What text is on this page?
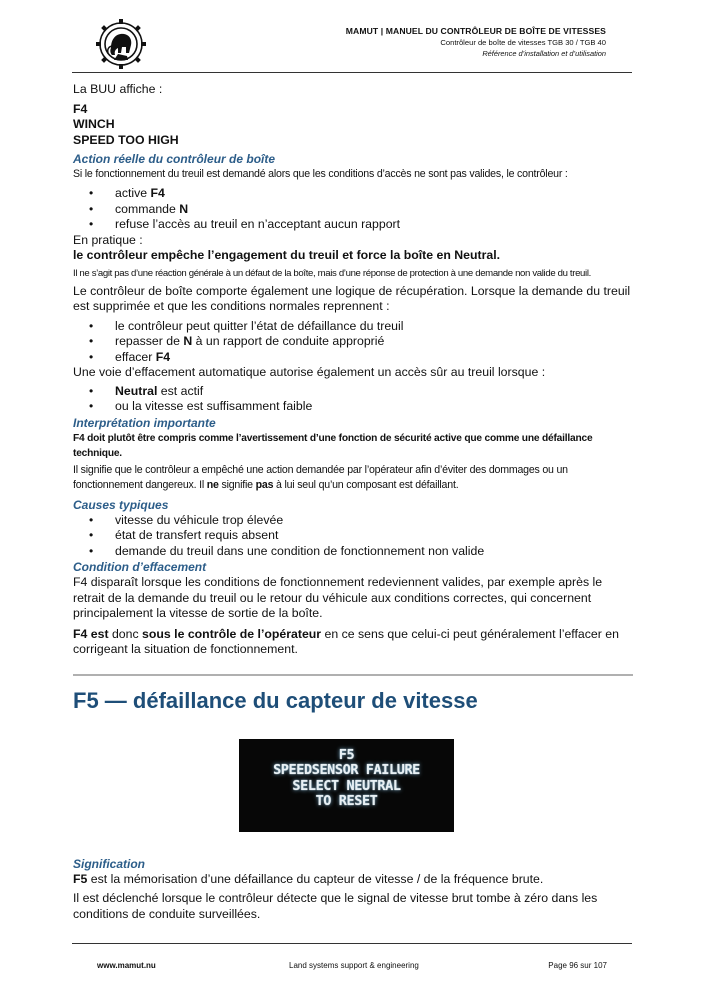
MAMUT | MANUEL DU CONTRÔLEUR DE BOÎTE DE VITESSES
Contrôleur de boîte de vitesses TGB 30 / TGB 40
Référence d’installation et d’utilisation

La BUU affiche :

F4

WINCH

SPEED TOO HIGH

Action réelle du contrôleur de boîte

Si le fonctionnement du treuil est demandé alors que les conditions d’accès ne sont pas valides, le contrôleur :

• active F4
• commande N
• refuse l’accès au treuil en n’acceptant aucun rapport

En pratique :

le contrôleur empêche l’engagement du treuil et force la boîte en Neutral.

Il ne s’agit pas d’une réaction générale à un défaut de la boîte, mais d’une réponse de protection à une demande non valide du treuil.

Le contrôleur de boîte comporte également une logique de récupération. Lorsque la demande du treuil est supprimée et que les conditions normales reprennent :

• le contrôleur peut quitter l’état de défaillance du treuil
• repasser de N à un rapport de conduite approprié
• effacer F4

Une voie d’effacement automatique autorise également un accès sûr au treuil lorsque :

• Neutral est actif
• ou la vitesse est suffisamment faible

Interprétation importante

F4 doit plutôt être compris comme l’avertissement d’une fonction de sécurité active que comme une défaillance technique.

Il signifie que le contrôleur a empêché une action demandée par l’opérateur afin d’éviter des dommages ou un fonctionnement dangereux. Il ne signifie pas à lui seul qu’un composant est défaillant.

Causes typiques

• vitesse du véhicule trop élevée
• état de transfert requis absent
• demande du treuil dans une condition de fonctionnement non valide

Condition d’effacement

F4 disparaît lorsque les conditions de fonctionnement redeviennent valides, par exemple après le retrait de la demande du treuil ou le retour du véhicule aux conditions correctes, qui concernent principalement la vitesse de sortie de la boîte.

F4 est donc sous le contrôle de l’opérateur en ce sens que celui-ci peut généralement l’effacer en corrigeant la situation de fonctionnement.

F5 — défaillance du capteur de vitesse
F5
SPEEDSENSOR FAILURE
SELECT NEUTRAL
TO RESET

Signification

F5 est la mémorisation d’une défaillance du capteur de vitesse / de la fréquence brute.

Il est déclenché lorsque le contrôleur détecte que le signal de vitesse brut tombe à zéro dans les conditions de conduite surveillées.

www.mamut.nu	Land systems support & engineering	Page 96 sur 107
